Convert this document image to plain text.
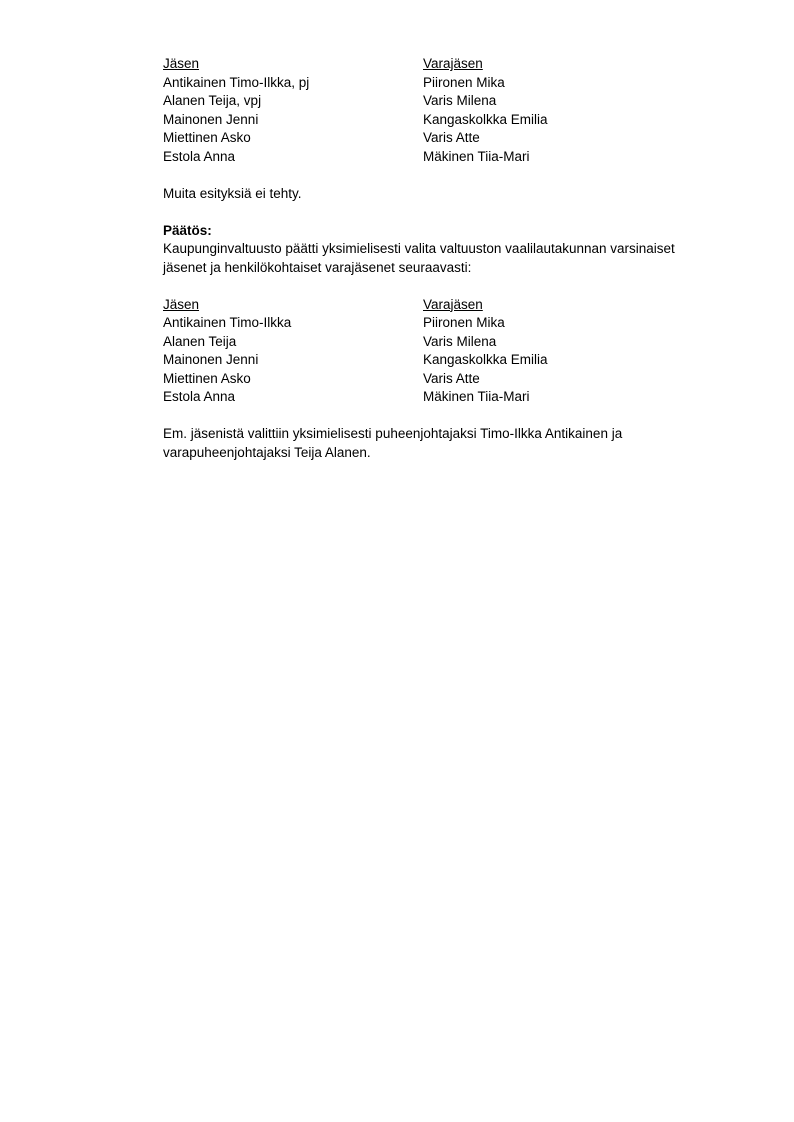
Jäsen	Varajäsen
Antikainen Timo-Ilkka, pj	Piironen Mika
Alanen Teija, vpj	Varis Milena
Mainonen Jenni	Kangaskolkka Emilia
Miettinen Asko	Varis Atte
Estola Anna	Mäkinen Tiia-Mari
Muita esityksiä ei tehty.
Päätös:
Kaupunginvaltuusto päätti yksimielisesti valita valtuuston vaalilautakunnan varsinaiset
jäsenet ja henkilökohtaiset varajäsenet seuraavasti:
Jäsen	Varajäsen
Antikainen Timo-Ilkka	Piironen Mika
Alanen Teija	Varis Milena
Mainonen Jenni	Kangaskolkka Emilia
Miettinen Asko	Varis Atte
Estola Anna	Mäkinen Tiia-Mari
Em. jäsenistä valittiin yksimielisesti puheenjohtajaksi Timo-Ilkka Antikainen ja
varapuheenjohtajaksi Teija Alanen.
